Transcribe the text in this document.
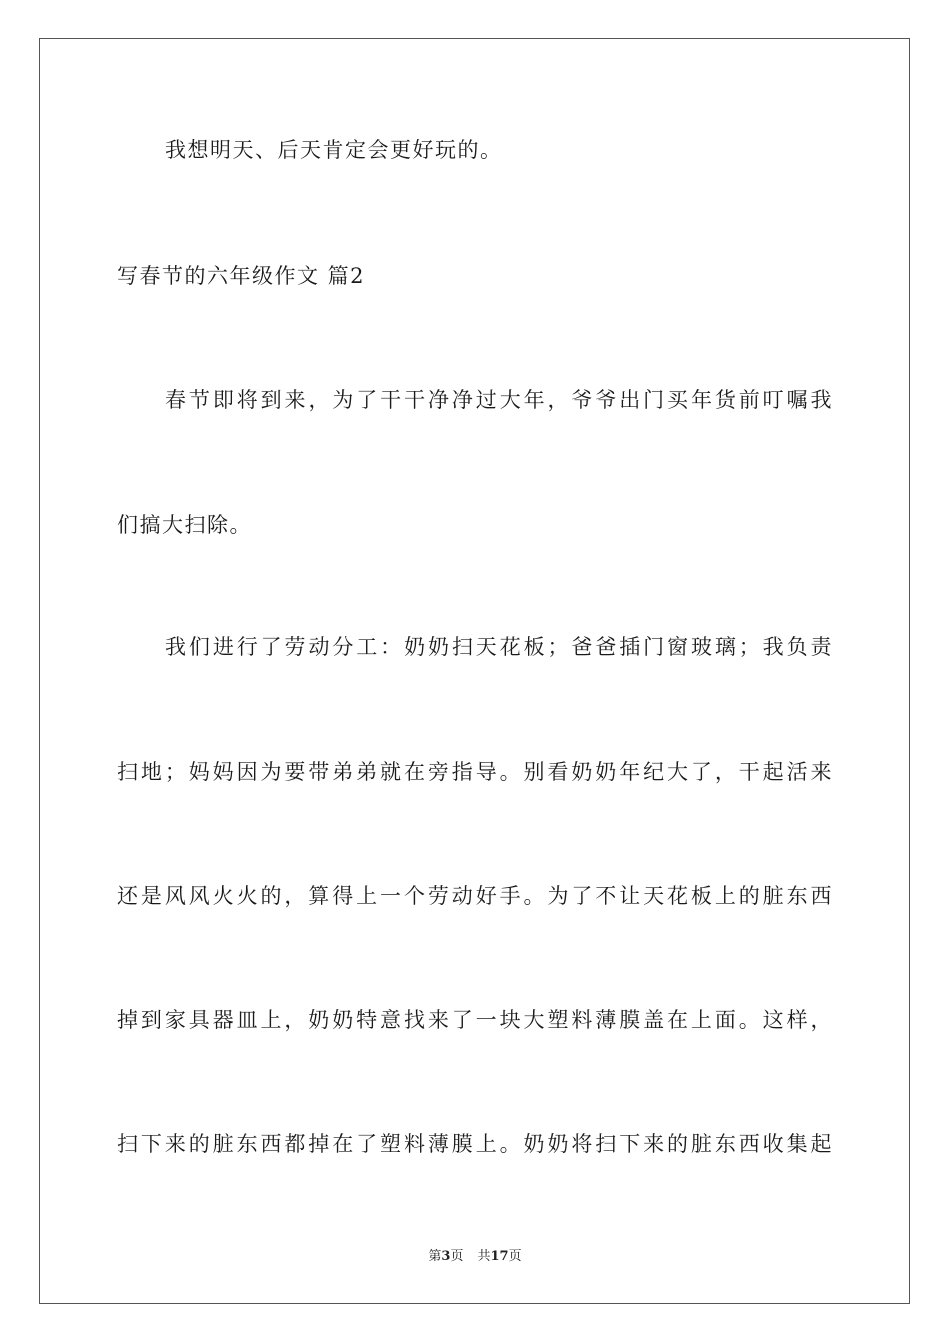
我想明天、后天肯定会更好玩的。
写春节的六年级作文 篇2
春节即将到来，为了干干净净过大年，爷爷出门买年货前叮嘱我
们搞大扫除。
我们进行了劳动分工：奶奶扫天花板；爸爸插门窗玻璃；我负责
扫地；妈妈因为要带弟弟就在旁指导。别看奶奶年纪大了，干起活来
还是风风火火的，算得上一个劳动好手。为了不让天花板上的脏东西
掉到家具器皿上，奶奶特意找来了一块大塑料薄膜盖在上面。这样，
扫下来的脏东西都掉在了塑料薄膜上。奶奶将扫下来的脏东西收集起
第3页 共17页
